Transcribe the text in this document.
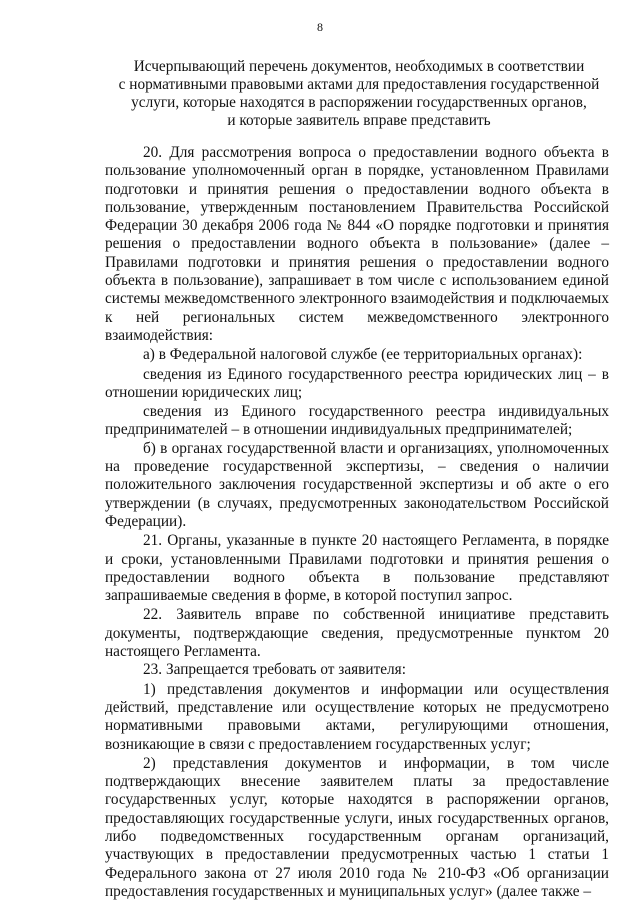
8
Исчерпывающий перечень документов, необходимых в соответствии
с нормативными правовыми актами для предоставления государственной
услуги, которые находятся в распоряжении государственных органов,
и которые заявитель вправе представить

20. Для рассмотрения вопроса о предоставлении водного объекта в пользование уполномоченный орган в порядке, установленном Правилами подготовки и принятия решения о предоставлении водного объекта в пользование, утвержденным постановлением Правительства Российской Федерации 30 декабря 2006 года № 844 «О порядке подготовки и принятия решения о предоставлении водного объекта в пользование» (далее – Правилами подготовки и принятия решения о предоставлении водного объекта в пользование), запрашивает в том числе с использованием единой системы межведомственного электронного взаимодействия и подключаемых к ней региональных систем межведомственного электронного взаимодействия:

а) в Федеральной налоговой службе (ее территориальных органах):

сведения из Единого государственного реестра юридических лиц – в отношении юридических лиц;

сведения из Единого государственного реестра индивидуальных предпринимателей – в отношении индивидуальных предпринимателей;

б) в органах государственной власти и организациях, уполномоченных на проведение государственной экспертизы, – сведения о наличии положительного заключения государственной экспертизы и об акте о его утверждении (в случаях, предусмотренных законодательством Российской Федерации).

21. Органы, указанные в пункте 20 настоящего Регламента, в порядке и сроки, установленными Правилами подготовки и принятия решения о предоставлении водного объекта в пользование представляют запрашиваемые сведения в форме, в которой поступил запрос.

22. Заявитель вправе по собственной инициативе представить документы, подтверждающие сведения, предусмотренные пунктом 20 настоящего Регламента.

23. Запрещается требовать от заявителя:

1) представления документов и информации или осуществления действий, представление или осуществление которых не предусмотрено нормативными правовыми актами, регулирующими отношения, возникающие в связи с предоставлением государственных услуг;

2) представления документов и информации, в том числе подтверждающих внесение заявителем платы за предоставление государственных услуг, которые находятся в распоряжении органов, предоставляющих государственные услуги, иных государственных органов, либо подведомственных государственным органам организаций, участвующих в предоставлении предусмотренных частью 1 статьи 1 Федерального закона от 27 июля 2010 года № 210-ФЗ «Об организации предоставления государственных и муниципальных услуг» (далее также –
